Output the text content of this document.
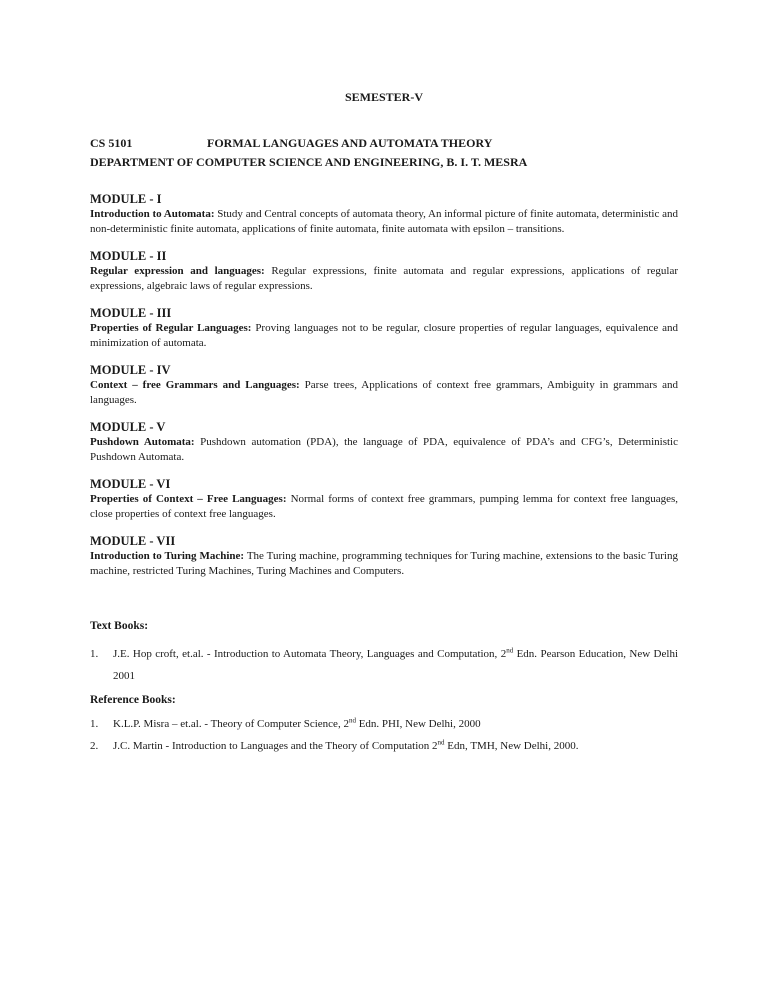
SEMESTER-V
CS 5101	FORMAL LANGUAGES AND AUTOMATA THEORY
DEPARTMENT OF COMPUTER SCIENCE AND ENGINEERING, B. I. T. MESRA
MODULE - I
Introduction to Automata: Study and Central concepts of automata theory, An informal picture of finite automata, deterministic and non-deterministic finite automata, applications of finite automata, finite automata with epsilon – transitions.
MODULE - II
Regular expression and languages: Regular expressions, finite automata and regular expressions, applications of regular expressions, algebraic laws of regular expressions.
MODULE - III
Properties of Regular Languages: Proving languages not to be regular, closure properties of regular languages, equivalence and minimization of automata.
MODULE - IV
Context – free Grammars and Languages: Parse trees, Applications of context free grammars, Ambiguity in grammars and languages.
MODULE - V
Pushdown Automata: Pushdown automation (PDA), the language of PDA, equivalence of PDA’s and CFG’s, Deterministic Pushdown Automata.
MODULE - VI
Properties of Context – Free Languages: Normal forms of context free grammars, pumping lemma for context free languages, close properties of context free languages.
MODULE - VII
Introduction to Turing Machine: The Turing machine, programming techniques for Turing machine, extensions to the basic Turing machine, restricted Turing Machines, Turing Machines and Computers.
Text Books:
1. J.E. Hop croft, et.al. - Introduction to Automata Theory, Languages and Computation, 2nd Edn. Pearson Education, New Delhi 2001
Reference Books:
1. K.L.P. Misra – et.al. - Theory of Computer Science, 2nd Edn. PHI, New Delhi, 2000
2. J.C. Martin - Introduction to Languages and the Theory of Computation 2nd Edn, TMH, New Delhi, 2000.
